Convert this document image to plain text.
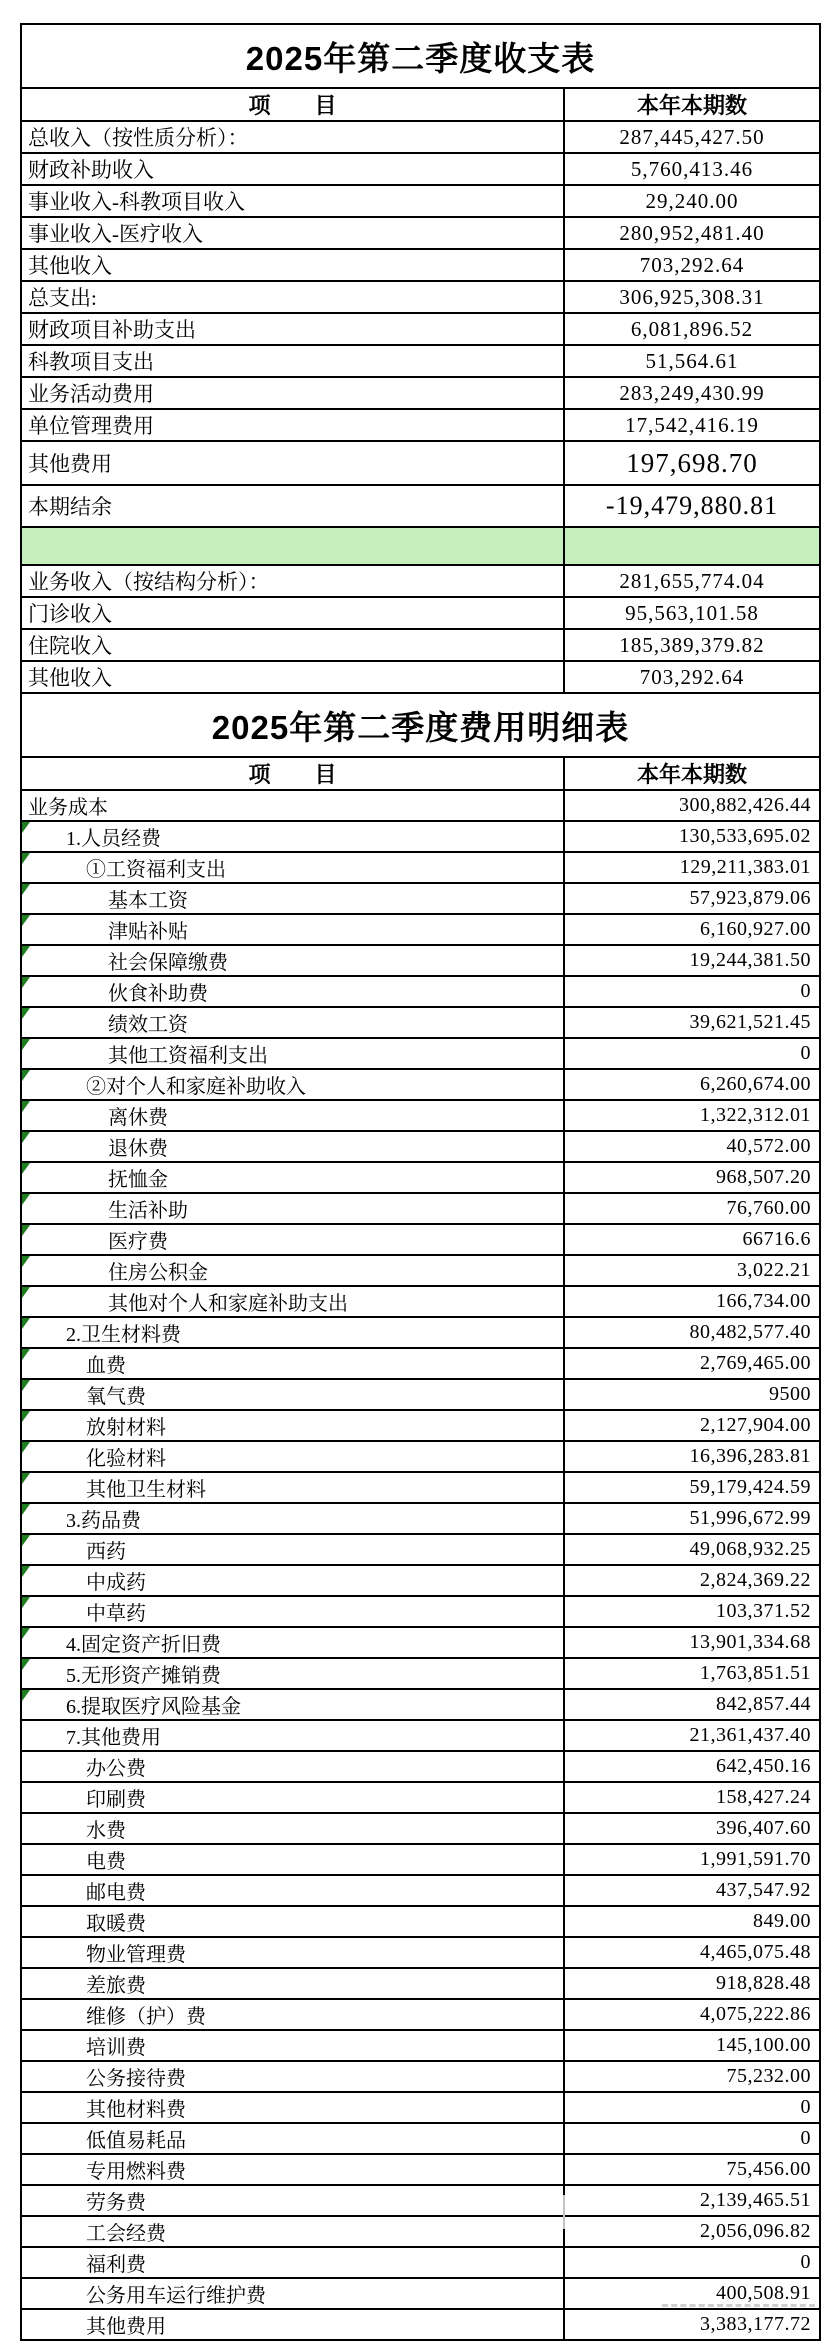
2025年第二季度收支表	
项　　目	本年本期数
总收入（按性质分析）：	287,445,427.50
财政补助收入	5,760,413.46
事业收入-科教项目收入	29,240.00
事业收入-医疗收入	280,952,481.40
其他收入	703,292.64
总支出:	306,925,308.31
财政项目补助支出	6,081,896.52
科教项目支出	51,564.61
业务活动费用	283,249,430.99
单位管理费用	17,542,416.19
其他费用	197,698.70
本期结余	-19,479,880.81

业务收入（按结构分析）：	281,655,774.04
门诊收入	95,563,101.58
住院收入	185,389,379.82
其他收入	703,292.64
2025年第二季度费用明细表	
项　　目	本年本期数
业务成本	300,882,426.44

1.人员经费	130,533,695.02

①工资福利支出	129,211,383.01

基本工资	57,923,879.06

津贴补贴	6,160,927.00

社会保障缴费	19,244,381.50

伙食补助费	0

绩效工资	39,621,521.45

其他工资福利支出	0

②对个人和家庭补助收入	6,260,674.00

离休费	1,322,312.01

退休费	40,572.00

抚恤金	968,507.20

生活补助	76,760.00

医疗费	66716.6

住房公积金	3,022.21

其他对个人和家庭补助支出	166,734.00

2.卫生材料费	80,482,577.40

血费	2,769,465.00

氧气费	9500

放射材料	2,127,904.00

化验材料	16,396,283.81

其他卫生材料	59,179,424.59

3.药品费	51,996,672.99

西药	49,068,932.25

中成药	2,824,369.22

中草药	103,371.52

4.固定资产折旧费	13,901,334.68

5.无形资产摊销费	1,763,851.51

6.提取医疗风险基金	842,857.44
7.其他费用	21,361,437.40
办公费	642,450.16
印刷费	158,427.24
水费	396,407.60
电费	1,991,591.70
邮电费	437,547.92
取暖费	849.00
物业管理费	4,465,075.48
差旅费	918,828.48
维修（护）费	4,075,222.86
培训费	145,100.00
公务接待费	75,232.00
其他材料费	0
低值易耗品	0
专用燃料费	75,456.00
劳务费	2,139,465.51
工会经费	2,056,096.82
福利费	0
公务用车运行维护费	400,508.91
其他费用	3,383,177.72
